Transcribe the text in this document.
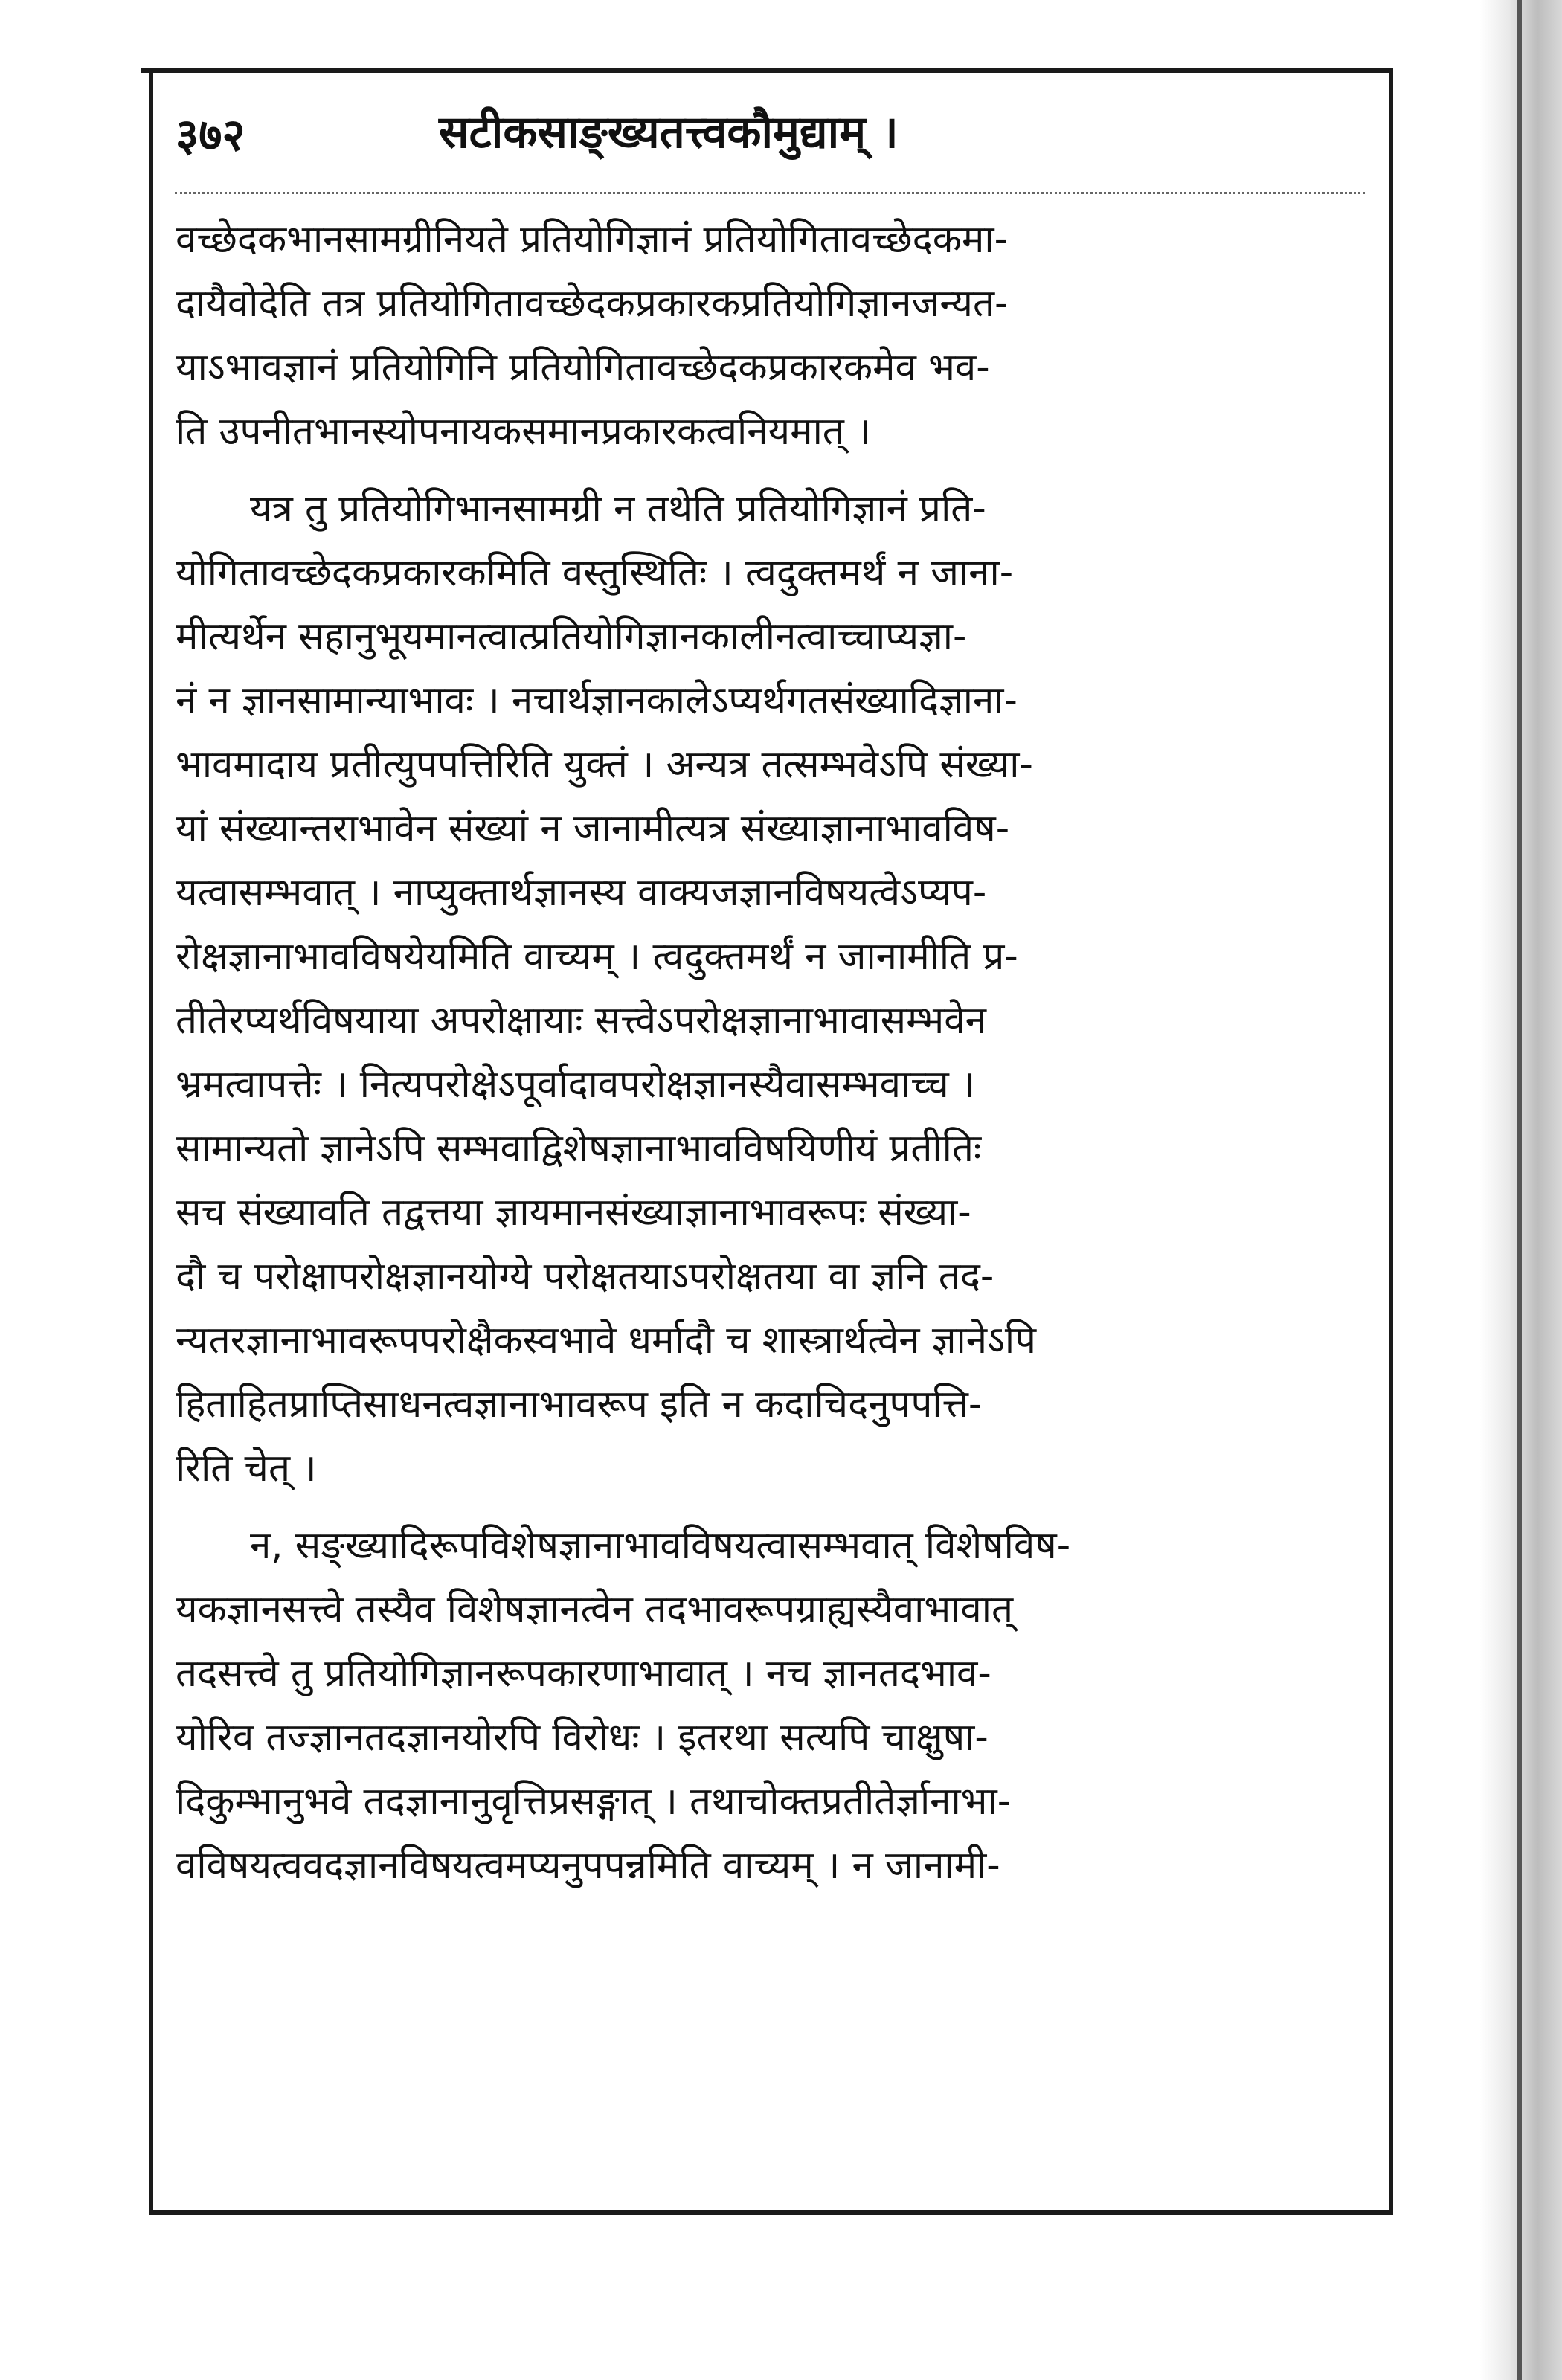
३७२	सटीकसाङ्ख्यतत्त्वकौमुद्याम् ।
वच्छेदकभानसामग्रीनियते प्रतियोगिज्ञानं प्रतियोगितावच्छेदकमा-
दायैवोदेति तत्र प्रतियोगितावच्छेदकप्रकारकप्रतियोगिज्ञानजन्यत-
याऽभावज्ञानं प्रतियोगिनि प्रतियोगितावच्छेदकप्रकारकमेव भव-
ति उपनीतभानस्योपनायकसमानप्रकारकत्वनियमात् ।
यत्र तु प्रतियोगिभानसामग्री न तथेति प्रतियोगिज्ञानं प्रति-
योगितावच्छेदकप्रकारकमिति वस्तुस्थितिः । त्वदुक्तमर्थं न जाना-
मीत्यर्थेन सहानुभूयमानत्वात्प्रतियोगिज्ञानकालीनत्वाच्चाप्यज्ञा-
नं न ज्ञानसामान्याभावः । नचार्थज्ञानकालेऽप्यर्थगतसंख्यादिज्ञाना-
भावमादाय प्रतीत्युपपत्तिरिति युक्तं । अन्यत्र तत्सम्भवेऽपि संख्या-
यां संख्यान्तराभावेन संख्यां न जानामीत्यत्र संख्याज्ञानाभावविष-
यत्वासम्भवात् । नाप्युक्तार्थज्ञानस्य वाक्यजज्ञानविषयत्वेऽप्यप-
रोक्षज्ञानाभावविषयेयमिति वाच्यम् । त्वदुक्तमर्थं न जानामीति प्र-
तीतेरप्यर्थविषयाया अपरोक्षायाः सत्त्वेऽपरोक्षज्ञानाभावासम्भवेन
भ्रमत्वापत्तेः । नित्यपरोक्षेऽपूर्वादावपरोक्षज्ञानस्यैवासम्भवाच्च ।
सामान्यतो ज्ञानेऽपि सम्भवाद्विशेषज्ञानाभावविषयिणीयं प्रतीतिः
सच संख्यावति तद्वत्तया ज्ञायमानसंख्याज्ञानाभावरूपः संख्या-
दौ च परोक्षापरोक्षज्ञानयोग्ये परोक्षतयाऽपरोक्षतया वा ज्ञनि तद-
न्यतरज्ञानाभावरूपपरोक्षैकस्वभावे धर्मादौ च शास्त्रार्थत्वेन ज्ञानेऽपि
हिताहितप्राप्तिसाधनत्वज्ञानाभावरूप इति न कदाचिदनुपपत्ति-
रिति चेत् ।
न, सङ्ख्यादिरूपविशेषज्ञानाभावविषयत्वासम्भवात् विशेषविष-
यकज्ञानसत्त्वे तस्यैव विशेषज्ञानत्वेन तदभावरूपग्राह्यस्यैवाभावात्
तदसत्त्वे तु प्रतियोगिज्ञानरूपकारणाभावात् । नच ज्ञानतदभाव-
योरिव तज्ज्ञानतदज्ञानयोरपि विरोधः । इतरथा सत्यपि चाक्षुषा-
दिकुम्भानुभवे तदज्ञानानुवृत्तिप्रसङ्गात् । तथाचोक्तप्रतीतेर्ज्ञानाभा-
वविषयत्ववदज्ञानविषयत्वमप्यनुपपन्नमिति वाच्यम् । न जानामी-
